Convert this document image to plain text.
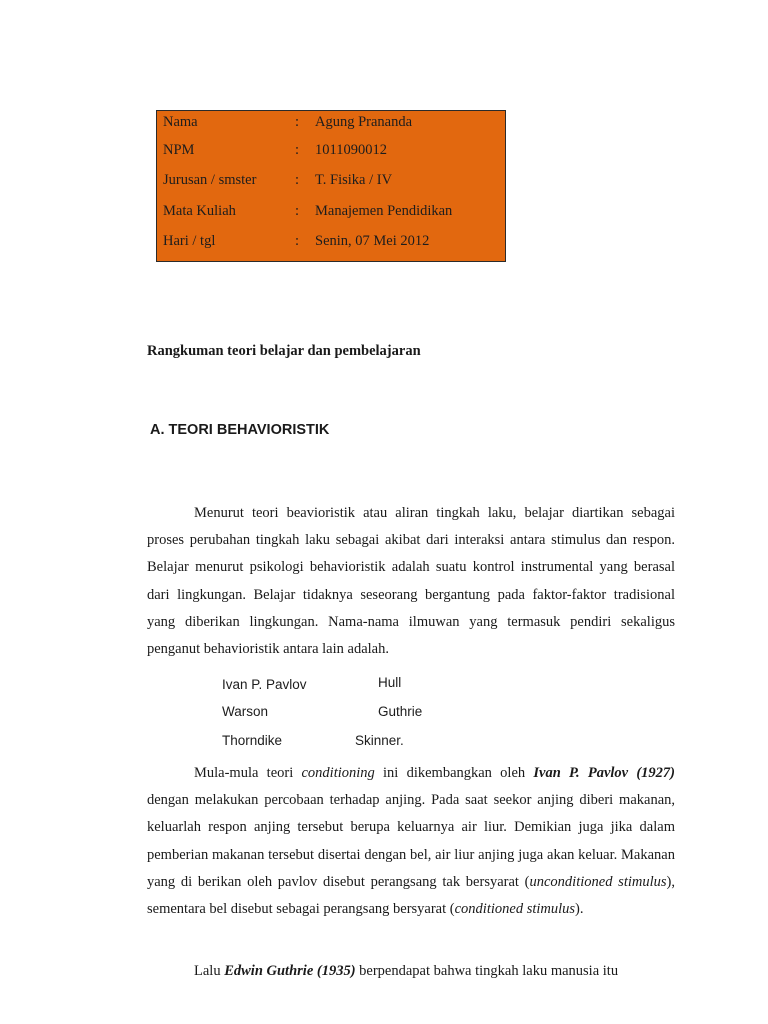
Nama	: Agung Prananda
NPM	: 1011090012
Jurusan / smster	: T. Fisika / IV
Mata Kuliah	: Manajemen Pendidikan
Hari / tgl	: Senin, 07 Mei 2012
Rangkuman teori belajar dan pembelajaran
A. TEORI BEHAVIORISTIK

Menurut teori beavioristik atau aliran tingkah laku, belajar diartikan sebagai proses perubahan tingkah laku sebagai akibat dari interaksi antara stimulus dan respon. Belajar menurut psikologi behavioristik adalah suatu kontrol instrumental yang berasal dari lingkungan. Belajar tidaknya seseorang bergantung pada faktor-faktor tradisional yang diberikan lingkungan. Nama-nama ilmuwan yang termasuk pendiri sekaligus penganut behavioristik antara lain adalah.

Ivan P. Pavlov	Hull
Warson	Guthrie
Thorndike	Skinner.

Mula-mula teori conditioning ini dikembangkan oleh Ivan P. Pavlov (1927) dengan melakukan percobaan terhadap anjing. Pada saat seekor anjing diberi makanan, keluarlah respon anjing tersebut berupa keluarnya air liur. Demikian juga jika dalam pemberian makanan tersebut disertai dengan bel, air liur anjing juga akan keluar. Makanan yang di berikan oleh pavlov disebut perangsang tak bersyarat (unconditioned stimulus), sementara bel disebut sebagai perangsang bersyarat (conditioned stimulus).

Lalu Edwin Guthrie (1935) berpendapat bahwa tingkah laku manusia itu
